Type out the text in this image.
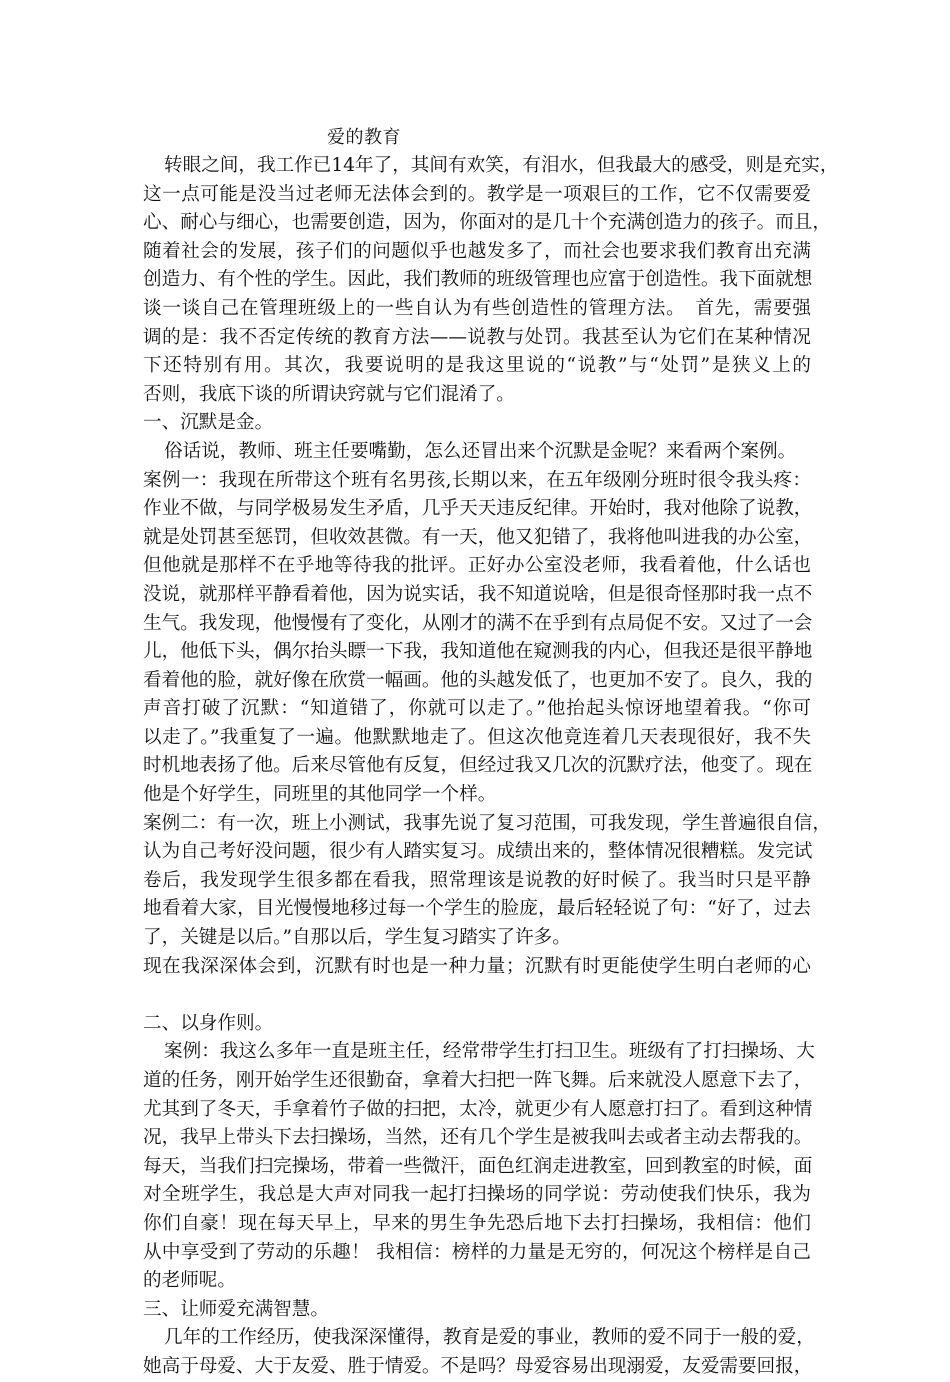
爱的教育
转眼之间，我工作已14年了，其间有欢笑，有泪水，但我最大的感受，则是充实，
这一点可能是没当过老师无法体会到的。教学是一项艰巨的工作，它不仅需要爱
心、耐心与细心，也需要创造，因为，你面对的是几十个充满创造力的孩子。而且，
随着社会的发展，孩子们的问题似乎也越发多了，而社会也要求我们教育出充满
创造力、有个性的学生。因此，我们教师的班级管理也应富于创造性。我下面就想
谈一谈自己在管理班级上的一些自认为有些创造性的管理方法。　首先，需要强
调的是：我不否定传统的教育方法——说教与处罚。我甚至认为它们在某种情况
下还特别有用。其次，我要说明的是我这里说的“说教”与“处罚”是狭义上的
否则，我底下谈的所谓诀窍就与它们混淆了。
一、沉默是金。
俗话说，教师、班主任要嘴勤，怎么还冒出来个沉默是金呢？来看两个案例。
案例一：我现在所带这个班有名男孩,长期以来，在五年级刚分班时很令我头疼：
作业不做，与同学极易发生矛盾，几乎天天违反纪律。开始时，我对他除了说教，
就是处罚甚至惩罚，但收效甚微。有一天，他又犯错了，我将他叫进我的办公室，
但他就是那样不在乎地等待我的批评。正好办公室没老师，我看着他，什么话也
没说，就那样平静看着他，因为说实话，我不知道说啥，但是很奇怪那时我一点不
生气。我发现，他慢慢有了变化，从刚才的满不在乎到有点局促不安。又过了一会
儿，他低下头，偶尔抬头瞟一下我，我知道他在窥测我的内心，但我还是很平静地
看着他的脸，就好像在欣赏一幅画。他的头越发低了，也更加不安了。良久，我的
声音打破了沉默：“知道错了，你就可以走了。”他抬起头惊讶地望着我。“你可
以走了。”我重复了一遍。他默默地走了。但这次他竟连着几天表现很好，我不失
时机地表扬了他。后来尽管他有反复，但经过我又几次的沉默疗法，他变了。现在
他是个好学生，同班里的其他同学一个样。
案例二：有一次，班上小测试，我事先说了复习范围，可我发现，学生普遍很自信，
认为自己考好没问题，很少有人踏实复习。成绩出来的，整体情况很糟糕。发完试
卷后，我发现学生很多都在看我，照常理该是说教的好时候了。我当时只是平静
地看着大家，目光慢慢地移过每一个学生的脸庞，最后轻轻说了句：“好了，过去
了，关键是以后。”自那以后，学生复习踏实了许多。
现在我深深体会到，沉默有时也是一种力量；沉默有时更能使学生明白老师的心
二、以身作则。
案例：我这么多年一直是班主任，经常带学生打扫卫生。班级有了打扫操场、大
道的任务，刚开始学生还很勤奋，拿着大扫把一阵飞舞。后来就没人愿意下去了，
尤其到了冬天，手拿着竹子做的扫把，太冷，就更少有人愿意打扫了。看到这种情
况，我早上带头下去扫操场，当然，还有几个学生是被我叫去或者主动去帮我的。
每天，当我们扫完操场，带着一些微汗，面色红润走进教室，回到教室的时候，面
对全班学生，我总是大声对同我一起打扫操场的同学说：劳动使我们快乐，我为
你们自豪！现在每天早上，早来的男生争先恐后地下去打扫操场，我相信：他们
从中享受到了劳动的乐趣！ 我相信：榜样的力量是无穷的，何况这个榜样是自己
的老师呢。
三、让师爱充满智慧。
几年的工作经历，使我深深懂得，教育是爱的事业，教师的爱不同于一般的爱，
她高于母爱、大于友爱、胜于情爱。不是吗？母爱容易出现溺爱，友爱需要回报，
